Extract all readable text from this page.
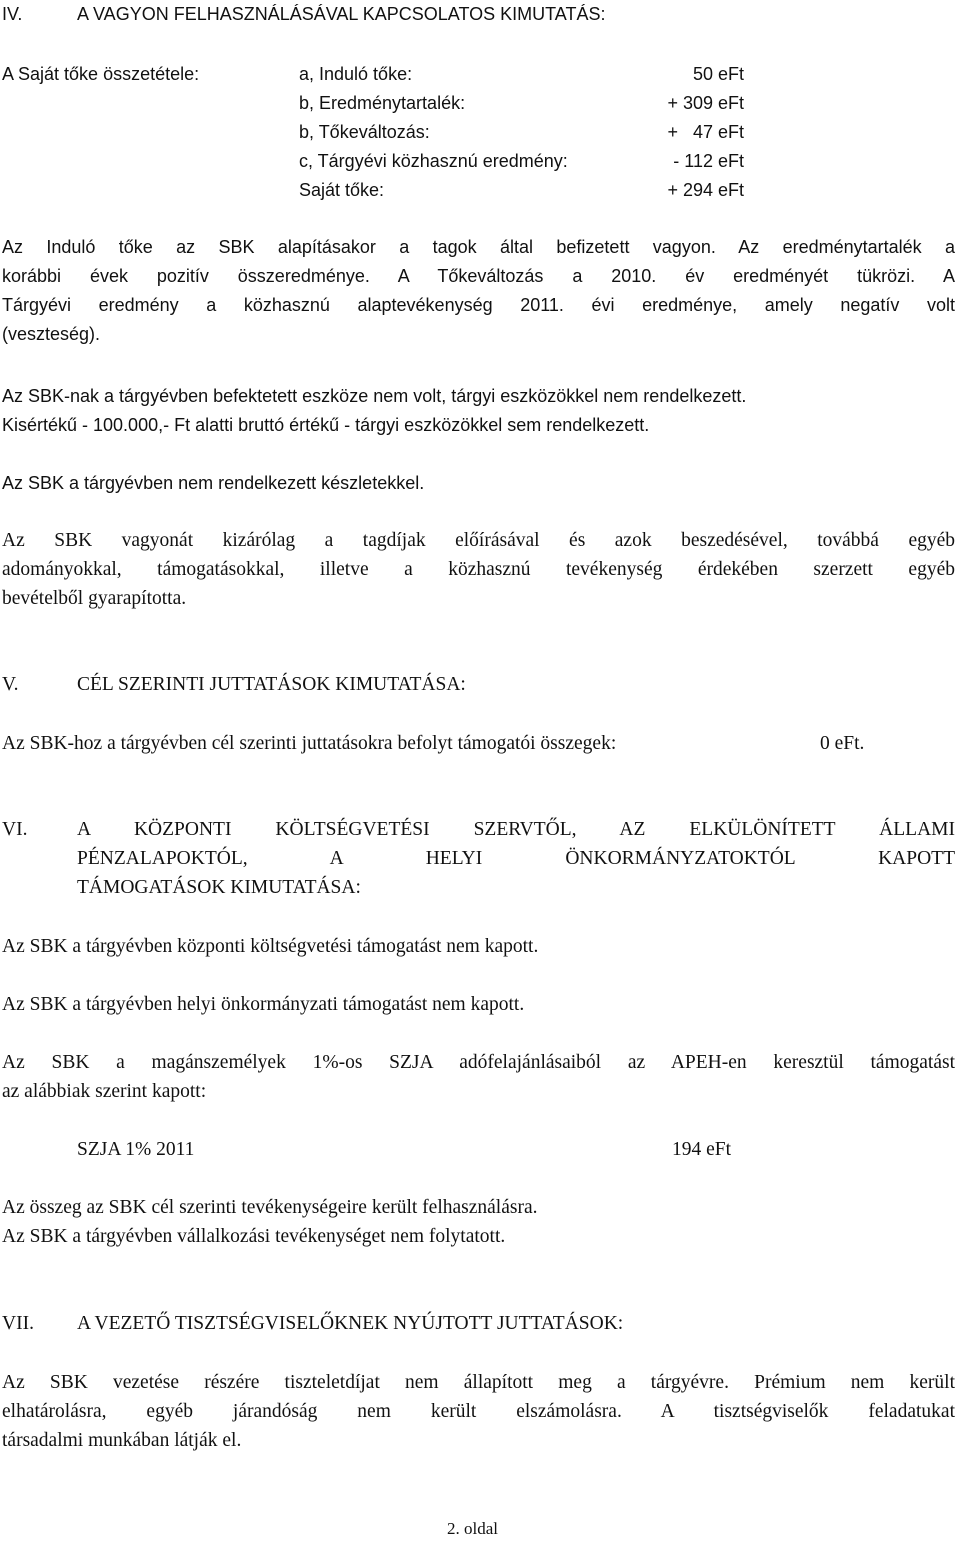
IV.	A VAGYON FELHASZNÁLÁSÁVAL KAPCSOLATOS KIMUTATÁS:
A Saját tőke összetétele:	a, Induló tőke:	50 eFt
b, Eredménytartalék:	+ 309 eFt
b, Tőkeváltozás:	+   47 eFt
c, Tárgyévi közhasznú eredmény:	- 112 eFt
Saját tőke:	+ 294 eFt
Az Induló tőke az SBK alapításakor a tagok által befizetett vagyon. Az eredménytartalék a
korábbi évek pozitív összeredménye. A Tőkeváltozás a 2010. év eredményét tükrözi. A
Tárgyévi eredmény a közhasznú alaptevékenység 2011. évi eredménye, amely negatív volt
(veszteség).
Az SBK-nak a tárgyévben befektetett eszköze nem volt, tárgyi eszközökkel nem rendelkezett.
Kisértékű - 100.000,- Ft alatti bruttó értékű - tárgyi eszközökkel sem rendelkezett.
Az SBK a tárgyévben nem rendelkezett készletekkel.
Az SBK vagyonát kizárólag a tagdíjak előírásával és azok beszedésével, továbbá egyéb
adományokkal, támogatásokkal, illetve a közhasznú tevékenység érdekében szerzett egyéb
bevételből gyarapította.
V.	CÉL SZERINTI JUTTATÁSOK KIMUTATÁSA:
Az SBK-hoz a tárgyévben cél szerinti juttatásokra befolyt támogatói összegek:	0 eFt.
VI.	A KÖZPONTI KÖLTSÉGVETÉSI SZERVTŐL, AZ ELKÜLÖNÍTETT ÁLLAMI
PÉNZALAPOKTÓL, A HELYI ÖNKORMÁNYZATOKTÓL KAPOTT
TÁMOGATÁSOK KIMUTATÁSA:
Az SBK a tárgyévben központi költségvetési támogatást nem kapott.
Az SBK a tárgyévben helyi önkormányzati támogatást nem kapott.
Az SBK a magánszemélyek 1%-os SZJA adófelajánlásaiból az APEH-en keresztül támogatást
az alábbiak szerint kapott:
SZJA 1% 2011	194 eFt
Az összeg az SBK cél szerinti tevékenységeire került felhasználásra.
Az SBK a tárgyévben vállalkozási tevékenységet nem folytatott.
VII. A VEZETŐ TISZTSÉGVISELŐKNEK NYÚJTOTT JUTTATÁSOK:
Az SBK vezetése részére tiszteletdíjat nem állapított meg a tárgyévre. Prémium nem került
elhatárolásra, egyéb járandóság nem került elszámolásra. A tisztségviselők feladatukat
társadalmi munkában látják el.
2. oldal
